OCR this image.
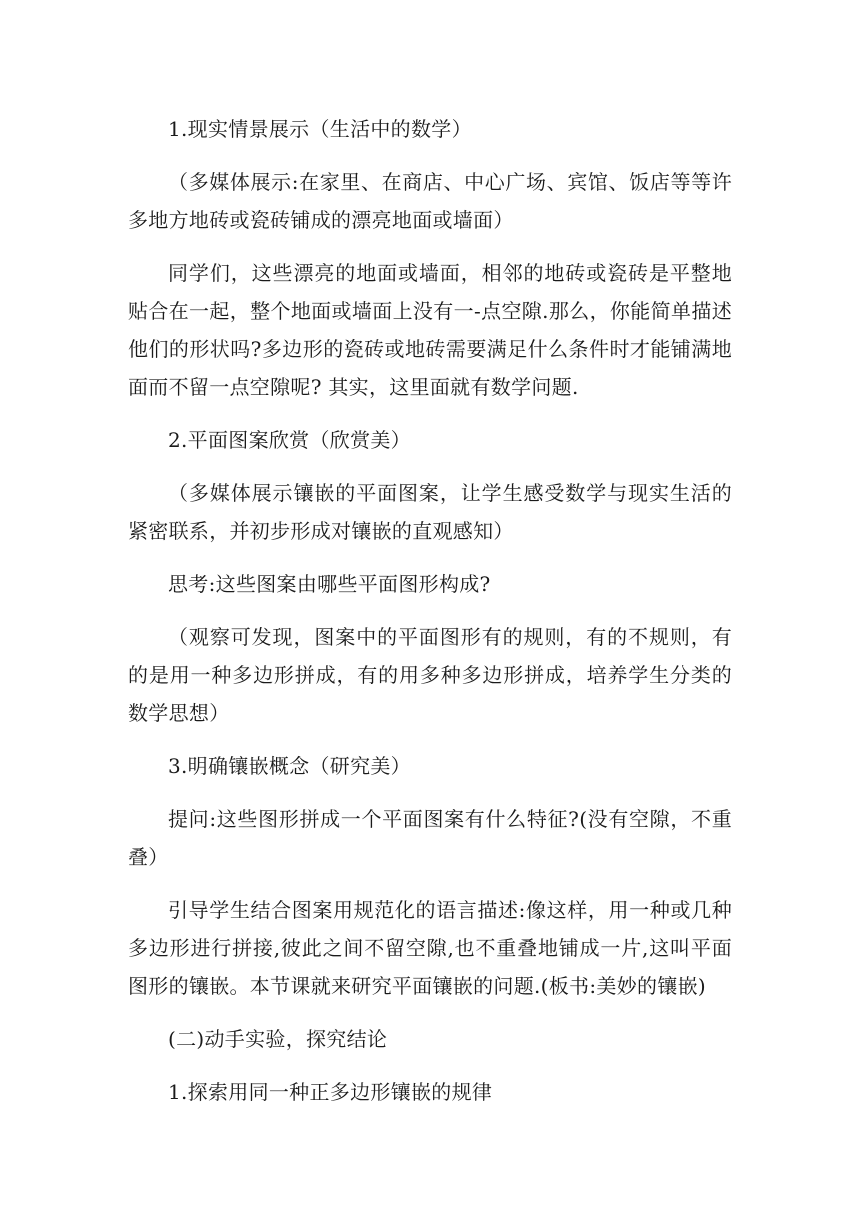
1.现实情景展示（生活中的数学）

（多媒体展示:在家里、在商店、中心广场、宾馆、饭店等等许多地方地砖或瓷砖铺成的漂亮地面或墙面）

同学们，这些漂亮的地面或墙面，相邻的地砖或瓷砖是平整地贴合在一起，整个地面或墙面上没有一-点空隙.那么，你能简单描述他们的形状吗?多边形的瓷砖或地砖需要满足什么条件时才能铺满地面而不留一点空隙呢? 其实，这里面就有数学问题.

2.平面图案欣赏（欣赏美）

（多媒体展示镶嵌的平面图案，让学生感受数学与现实生活的紧密联系，并初步形成对镶嵌的直观感知）

思考:这些图案由哪些平面图形构成?

（观察可发现，图案中的平面图形有的规则，有的不规则，有的是用一种多边形拼成，有的用多种多边形拼成，培养学生分类的数学思想）

3.明确镶嵌概念（研究美）

提问:这些图形拼成一个平面图案有什么特征?(没有空隙，不重叠）

引导学生结合图案用规范化的语言描述:像这样，用一种或几种多边形进行拼接,彼此之间不留空隙,也不重叠地铺成一片,这叫平面图形的镶嵌。本节课就来研究平面镶嵌的问题.(板书:美妙的镶嵌)

(二)动手实验，探究结论

1.探索用同一种正多边形镶嵌的规律
